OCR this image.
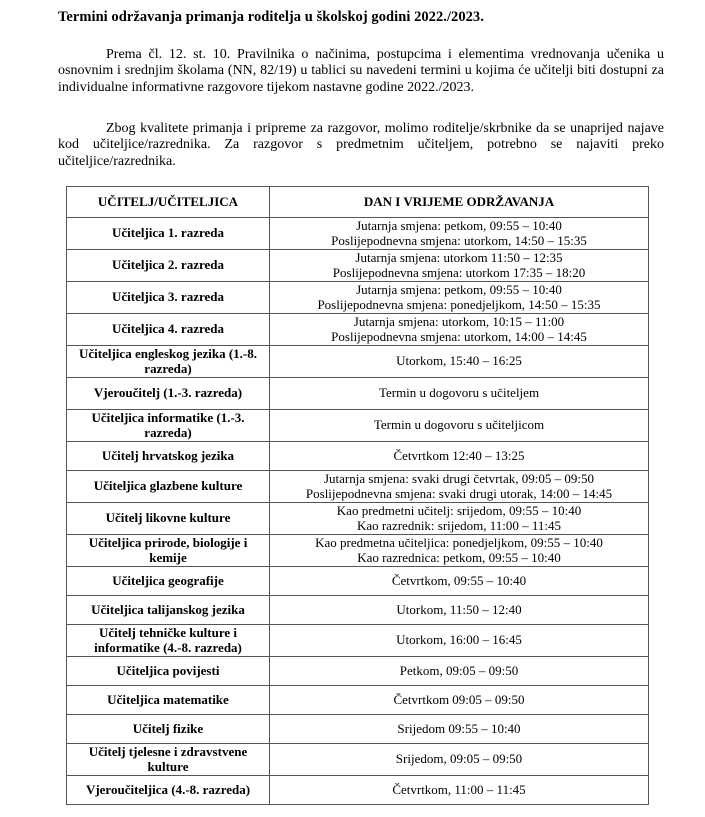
Termini održavanja primanja roditelja u školskoj godini 2022./2023.

Prema čl. 12. st. 10. Pravilnika o načinima, postupcima i elementima vrednovanja učenika u osnovnim i srednjim školama (NN, 82/19) u tablici su navedeni termini u kojima će učitelji biti dostupni za individualne informativne razgovore tijekom nastavne godine 2022./2023.

Zbog kvalitete primanja i pripreme za razgovor, molimo roditelje/skrbnike da se unaprijed najave kod učiteljice/razrednika. Za razgovor s predmetnim učiteljem, potrebno se najaviti preko učiteljice/razrednika.

UČITELJ/UČITELJICA	DAN I VRIJEME ODRŽAVANJA
Učiteljica 1. razreda	Jutarnja smjena: petkom, 09:55 – 10:40
Poslijepodnevna smjena: utorkom, 14:50 – 15:35

Učiteljica 2. razreda	Jutarnja smjena: utorkom 11:50 – 12:35
Poslijepodnevna smjena: utorkom 17:35 – 18:20

Učiteljica 3. razreda	Jutarnja smjena: petkom, 09:55 – 10:40
Poslijepodnevna smjena: ponedjeljkom, 14:50 – 15:35

Učiteljica 4. razreda	Jutarnja smjena: utorkom, 10:15 – 11:00
Poslijepodnevna smjena: utorkom, 14:00 – 14:45

Učiteljica engleskog jezika (1.-8. razreda)	Utorkom, 15:40 – 16:25

Vjeroučitelj (1.-3. razreda)	Termin u dogovoru s učiteljem

Učiteljica informatike (1.-3. razreda)	Termin u dogovoru s učiteljicom

Učitelj hrvatskog jezika	Četvrtkom 12:40 – 13:25

Učiteljica glazbene kulture	Jutarnja smjena: svaki drugi četvrtak, 09:05 – 09:50
Poslijepodnevna smjena: svaki drugi utorak, 14:00 – 14:45

Učitelj likovne kulture	Kao predmetni učitelj: srijedom, 09:55 – 10:40
Kao razrednik: srijedom, 11:00 – 11:45

Učiteljica prirode, biologije i kemije	Kao predmetna učiteljica: ponedjeljkom, 09:55 – 10:40
Kao razrednica: petkom, 09:55 – 10:40

Učiteljica geografije	Četvrtkom, 09:55 – 10:40

Učiteljica talijanskog jezika	Utorkom, 11:50 – 12:40

Učitelj tehničke kulture i informatike (4.-8. razreda)	Utorkom, 16:00 – 16:45

Učiteljica povijesti	Petkom, 09:05 – 09:50

Učiteljica matematike	Četvrtkom 09:05 – 09:50

Učitelj fizike	Srijedom 09:55 – 10:40

Učitelj tjelesne i zdravstvene kulture	Srijedom, 09:05 – 09:50

Vjeroučiteljica (4.-8. razreda)	Četvrtkom, 11:00 – 11:45
